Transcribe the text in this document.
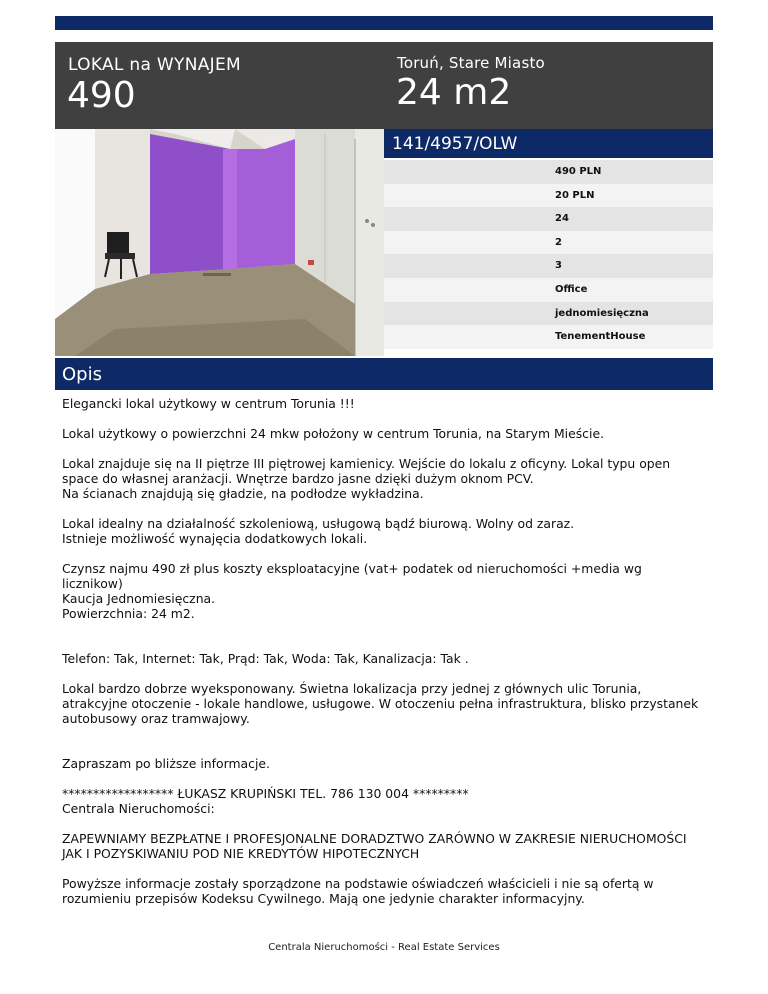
LOKAL na WYNAJEM
490
Toruń, Stare Miasto
24 m2
141/4957/OLW
490 PLN
20 PLN
24
2
3
Office
jednomiesięczna
TenementHouse
Opis

Elegancki lokal użytkowy w centrum Torunia !!!

Lokal użytkowy o powierzchni 24 mkw położony w centrum Torunia, na Starym Mieście.

Lokal znajduje się na II piętrze III piętrowej kamienicy. Wejście do lokalu z oficyny. Lokal typu open space do własnej aranżacji. Wnętrze bardzo jasne dzięki dużym oknom PCV.
Na ścianach znajdują się gładzie, na podłodze wykładzina.

Lokal idealny na działalność szkoleniową, usługową bądź biurową. Wolny od zaraz.
Istnieje możliwość wynajęcia dodatkowych lokali.

Czynsz najmu 490 zł plus koszty eksploatacyjne (vat+ podatek od nieruchomości +media wg licznikow)
Kaucja Jednomiesięczna.
Powierzchnia: 24 m2.

Telefon: Tak, Internet: Tak, Prąd: Tak, Woda: Tak, Kanalizacja: Tak .

Lokal bardzo dobrze wyeksponowany. Świetna lokalizacja przy jednej z głównych ulic Torunia, atrakcyjne otoczenie - lokale handlowe, usługowe. W otoczeniu pełna infrastruktura, blisko przystanek autobusowy oraz tramwajowy.

Zapraszam po bliższe informacje.

****************** ŁUKASZ KRUPIŃSKI TEL. 786 130 004 *********
Centrala Nieruchomości:

ZAPEWNIAMY BEZPŁATNE I PROFESJONALNE DORADZTWO ZARÓWNO W ZAKRESIE NIERUCHOMOŚCI JAK I POZYSKIWANIU POD NIE KREDYTÓW HIPOTECZNYCH

Powyższe informacje zostały sporządzone na podstawie oświadczeń właścicieli i nie są ofertą w rozumieniu przepisów Kodeksu Cywilnego. Mają one jedynie charakter informacyjny.

Centrala Nieruchomości - Real Estate Services
